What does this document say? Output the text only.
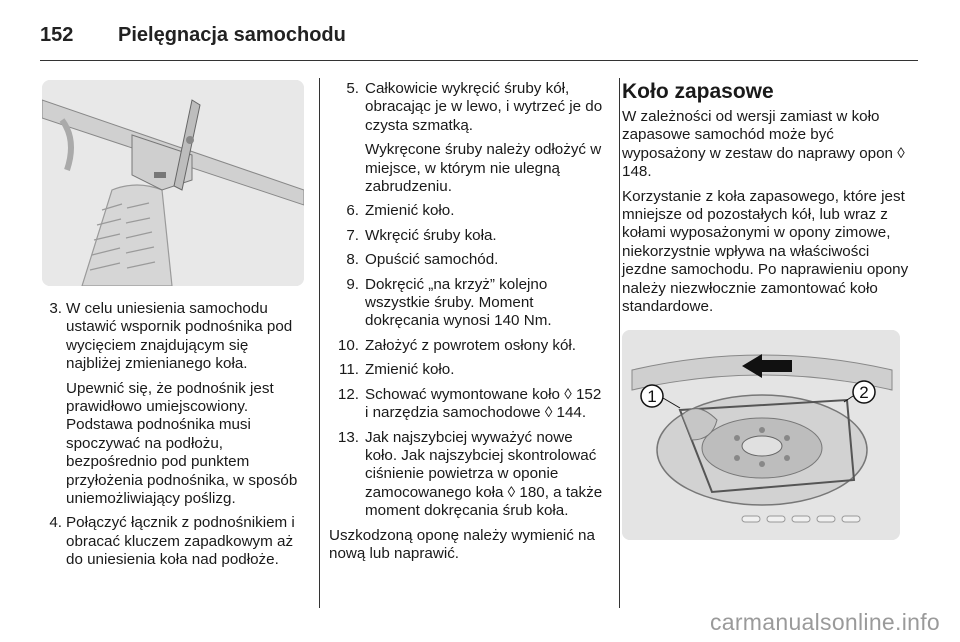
152 Pielęgnacja samochodu
3. W celu uniesienia samochodu ustawić wspornik podnośnika pod wycięciem znajdującym się najbliżej zmienianego koła.

Upewnić się, że podnośnik jest prawidłowo umiejscowiony. Podstawa podnośnika musi spoczywać na podłożu, bezpośrednio pod punktem przyłożenia podnośnika, w sposób uniemożliwiający poślizg.

4. Połączyć łącznik z podnośnikiem i obracać kluczem zapadkowym aż do uniesienia koła nad podłoże.

5. Całkowicie wykręcić śruby kół, obracając je w lewo, i wytrzeć je do czysta szmatką.

Wykręcone śruby należy odłożyć w miejsce, w którym nie ulegną zabrudzeniu.

6. Zmienić koło.

7. Wkręcić śruby koła.

8. Opuścić samochód.

9. Dokręcić „na krzyż” kolejno wszystkie śruby. Moment dokręcania wynosi 140 Nm.

10. Założyć z powrotem osłony kół.

11. Zmienić koło.

12. Schować wymontowane koło ◊ 152 i narzędzia samochodowe ◊ 144.

13. Jak najszybciej wyważyć nowe koło. Jak najszybciej skontrolować ciśnienie powietrza w oponie zamocowanego koła ◊ 180, a także moment dokręcania śrub koła.

Uszkodzoną oponę należy wymienić na nową lub naprawić.

Koło zapasowe

W zależności od wersji zamiast w koło zapasowe samochód może być wyposażony w zestaw do naprawy opon ◊ 148.

Korzystanie z koła zapasowego, które jest mniejsze od pozostałych kół, lub wraz z kołami wyposażonymi w opony zimowe, niekorzystnie wpływa na właściwości jezdne samochodu. Po naprawieniu opony należy niezwłocznie zamontować koło standardowe.

1	2
carmanualsonline.info
